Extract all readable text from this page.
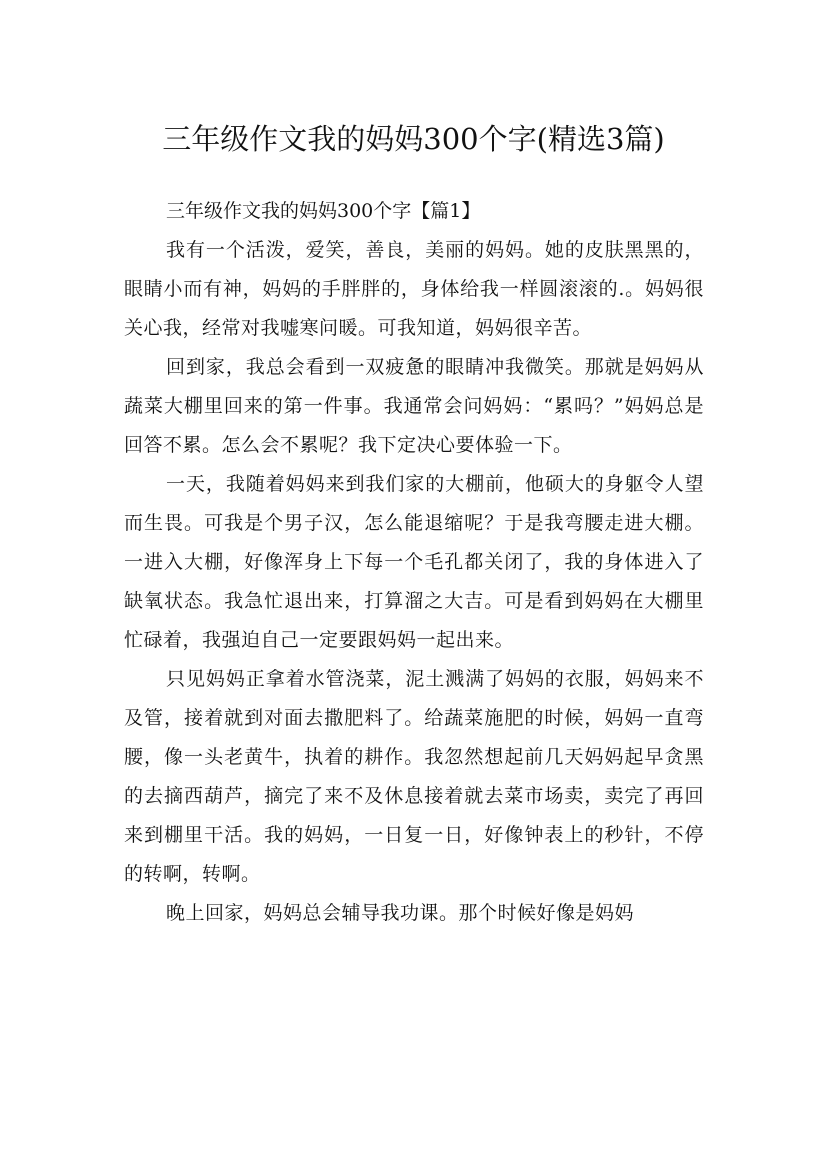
三年级作文我的妈妈300个字(精选3篇)

三年级作文我的妈妈300个字【篇1】

我有一个活泼，爱笑，善良，美丽的妈妈。她的皮肤黑黑的，眼睛小而有神，妈妈的手胖胖的，身体给我一样圆滚滚的.。妈妈很关心我，经常对我嘘寒问暖。可我知道，妈妈很辛苦。

回到家，我总会看到一双疲惫的眼睛冲我微笑。那就是妈妈从蔬菜大棚里回来的第一件事。我通常会问妈妈：“累吗？”妈妈总是回答不累。怎么会不累呢？我下定决心要体验一下。

一天，我随着妈妈来到我们家的大棚前，他硕大的身躯令人望而生畏。可我是个男子汉，怎么能退缩呢？于是我弯腰走进大棚。一进入大棚，好像浑身上下每一个毛孔都关闭了，我的身体进入了缺氧状态。我急忙退出来，打算溜之大吉。可是看到妈妈在大棚里忙碌着，我强迫自己一定要跟妈妈一起出来。

只见妈妈正拿着水管浇菜，泥土溅满了妈妈的衣服，妈妈来不及管，接着就到对面去撒肥料了。给蔬菜施肥的时候，妈妈一直弯腰，像一头老黄牛，执着的耕作。我忽然想起前几天妈妈起早贪黑的去摘西葫芦，摘完了来不及休息接着就去菜市场卖，卖完了再回来到棚里干活。我的妈妈，一日复一日，好像钟表上的秒针，不停的转啊，转啊。

晚上回家，妈妈总会辅导我功课。那个时候好像是妈妈
